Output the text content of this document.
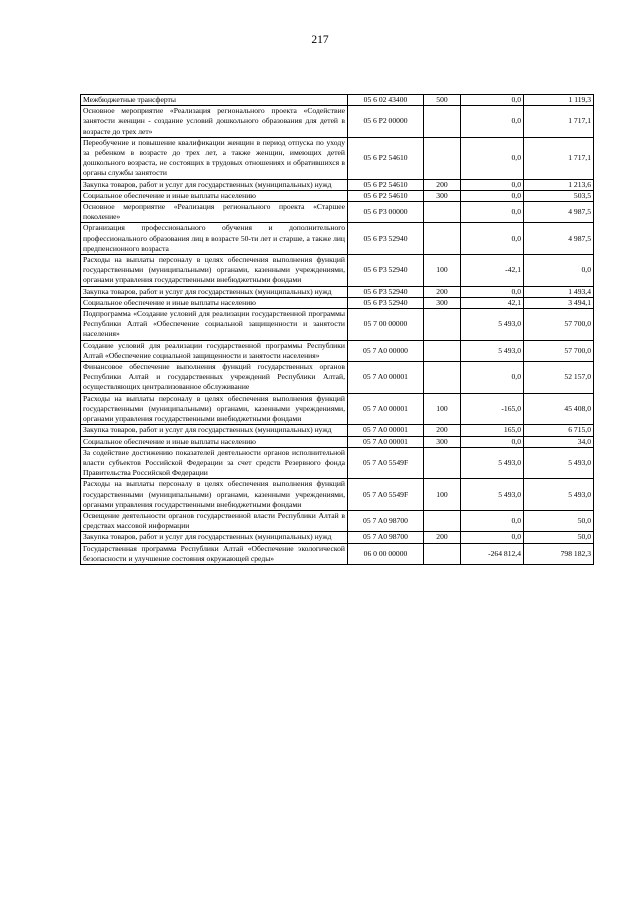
217
Межбюджетные трансферты	05 6 02 43400	500	0,0	1 119,3
Основное мероприятие «Реализация регионального проекта «Содействие занятости женщин - создание условий дошкольного образования для детей в возрасте до трех лет»	05 6 P2 00000		0,0	1 717,1
Переобучение и повышение квалификации женщин в период отпуска по уходу за ребенком в возрасте до трех лет, а также женщин, имеющих детей дошкольного возраста, не состоящих в трудовых отношениях и обратившихся в органы службы занятости	05 6 P2 54610		0,0	1 717,1
Закупка товаров, работ и услуг для государственных (муниципальных) нужд	05 6 P2 54610	200	0,0	1 213,6
Социальное обеспечение и иные выплаты населению	05 6 P2 54610	300	0,0	503,5
Основное мероприятие «Реализация регионального проекта «Старшее поколение»	05 6 P3 00000		0,0	4 987,5
Организация профессионального обучения и дополнительного профессионального образования лиц в возрасте 50-ти лет и старше, а также лиц предпенсионного возраста	05 6 P3 52940		0,0	4 987,5
Расходы на выплаты персоналу в целях обеспечения выполнения функций государственными (муниципальными) органами, казенными учреждениями, органами управления государственными внебюджетными фондами	05 6 P3 52940	100	-42,1	0,0
Закупка товаров, работ и услуг для государственных (муниципальных) нужд	05 6 P3 52940	200	0,0	1 493,4
Социальное обеспечение и иные выплаты населению	05 6 P3 52940	300	42,1	3 494,1
Подпрограмма «Создание условий для реализации государственной программы Республики Алтай «Обеспечение социальной защищенности и занятости населения»	05 7 00 00000		5 493,0	57 700,0
Создание условий для реализации государственной программы Республики Алтай «Обеспечение социальной защищенности и занятости населения»	05 7 A0 00000		5 493,0	57 700,0
Финансовое обеспечение выполнения функций государственных органов Республики Алтай и государственных учреждений Республики Алтай, осуществляющих централизованное обслуживание	05 7 A0 00001		0,0	52 157,0
Расходы на выплаты персоналу в целях обеспечения выполнения функций государственными (муниципальными) органами, казенными учреждениями, органами управления государственными внебюджетными фондами	05 7 A0 00001	100	-165,0	45 408,0
Закупка товаров, работ и услуг для государственных (муниципальных) нужд	05 7 A0 00001	200	165,0	6 715,0
Социальное обеспечение и иные выплаты населению	05 7 A0 00001	300	0,0	34,0
За содействие достижению показателей деятельности органов исполнительной власти субъектов Российской Федерации за счет средств Резервного фонда Правительства Российской Федерации	05 7 A0 5549F		5 493,0	5 493,0
Расходы на выплаты персоналу в целях обеспечения выполнения функций государственными (муниципальными) органами, казенными учреждениями, органами управления государственными внебюджетными фондами	05 7 A0 5549F	100	5 493,0	5 493,0
Освещение деятельности органов государственной власти Республики Алтай в средствах массовой информации	05 7 A0 98700		0,0	50,0
Закупка товаров, работ и услуг для государственных (муниципальных) нужд	05 7 A0 98700	200	0,0	50,0
Государственная программа Республики Алтай «Обеспечение экологической безопасности и улучшение состояния окружающей среды»	06 0 00 00000		-264 812,4	798 182,3
